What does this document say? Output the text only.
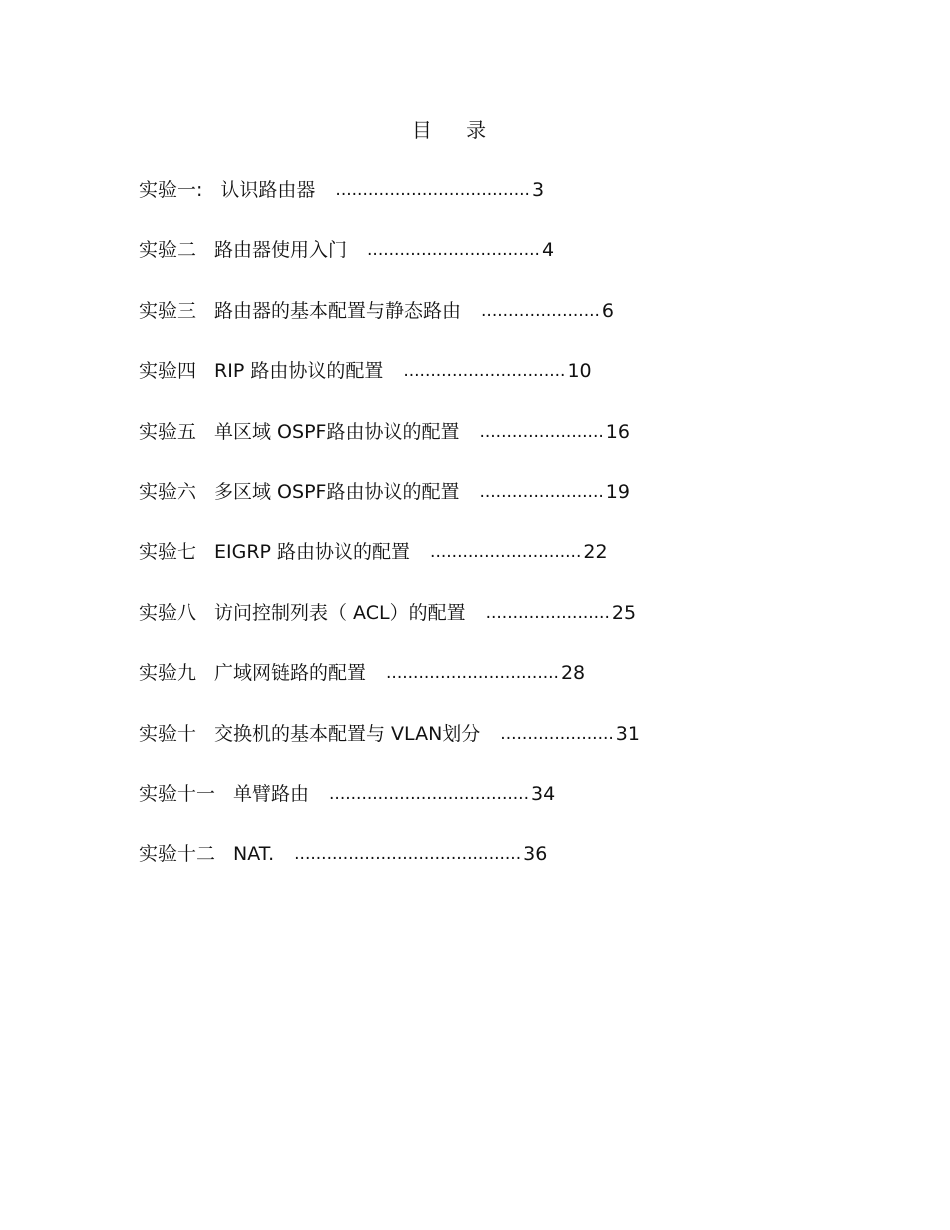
目 录
实验一: 认识路由器 .................................... 3
实验二 路由器使用入门 ................................ 4
实验三 路由器的基本配置与静态路由 ...................... 6
实验四 RIP 路由协议的配置 .............................. 10
实验五 单区域 OSPF路由协议的配置 ....................... 16
实验六 多区域 OSPF路由协议的配置 ....................... 19
实验七 EIGRP 路由协议的配置 ............................ 22
实验八 访问控制列表（ ACL）的配置 ....................... 25
实验九 广域网链路的配置 ................................ 28
实验十 交换机的基本配置与 VLAN划分 ..................... 31
实验十一 单臂路由 ..................................... 34
实验十二 NAT. .......................................... 36
